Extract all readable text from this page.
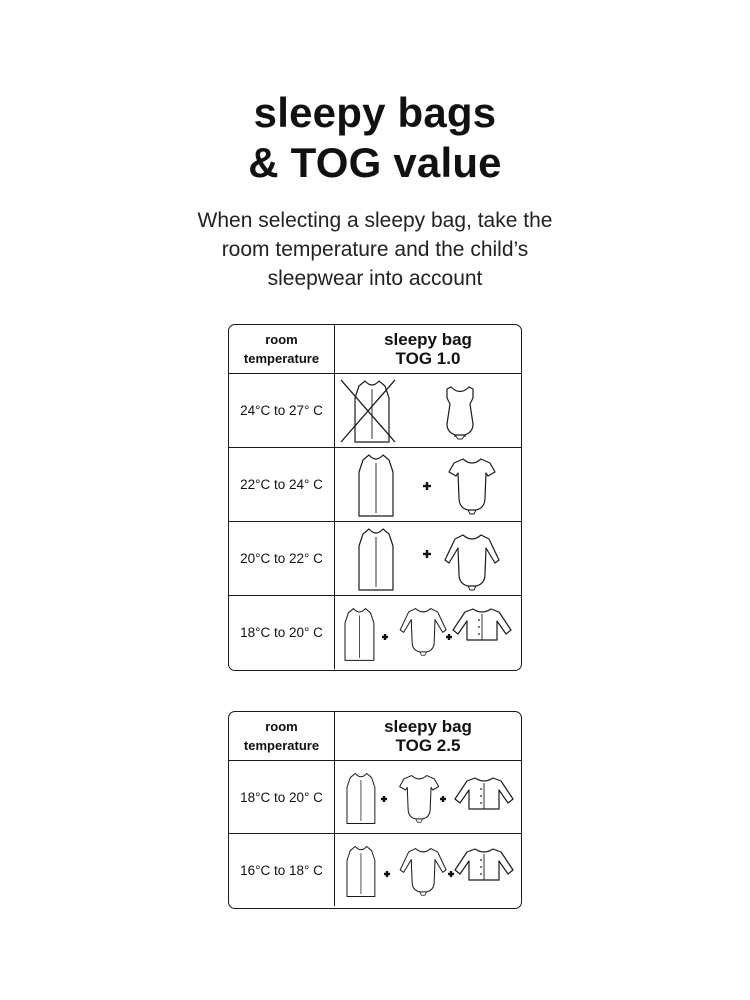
sleepy bags
& TOG value
When selecting a sleepy bag, take the
room temperature and the child’s
sleepwear into account
room
temperature
sleepy bag
TOG 1.0
24°C to 27° C
22°C to 24° C
20°C to 22° C
18°C to 20° C
room
temperature
sleepy bag
TOG 2.5
18°C to 20° C
16°C to 18° C
